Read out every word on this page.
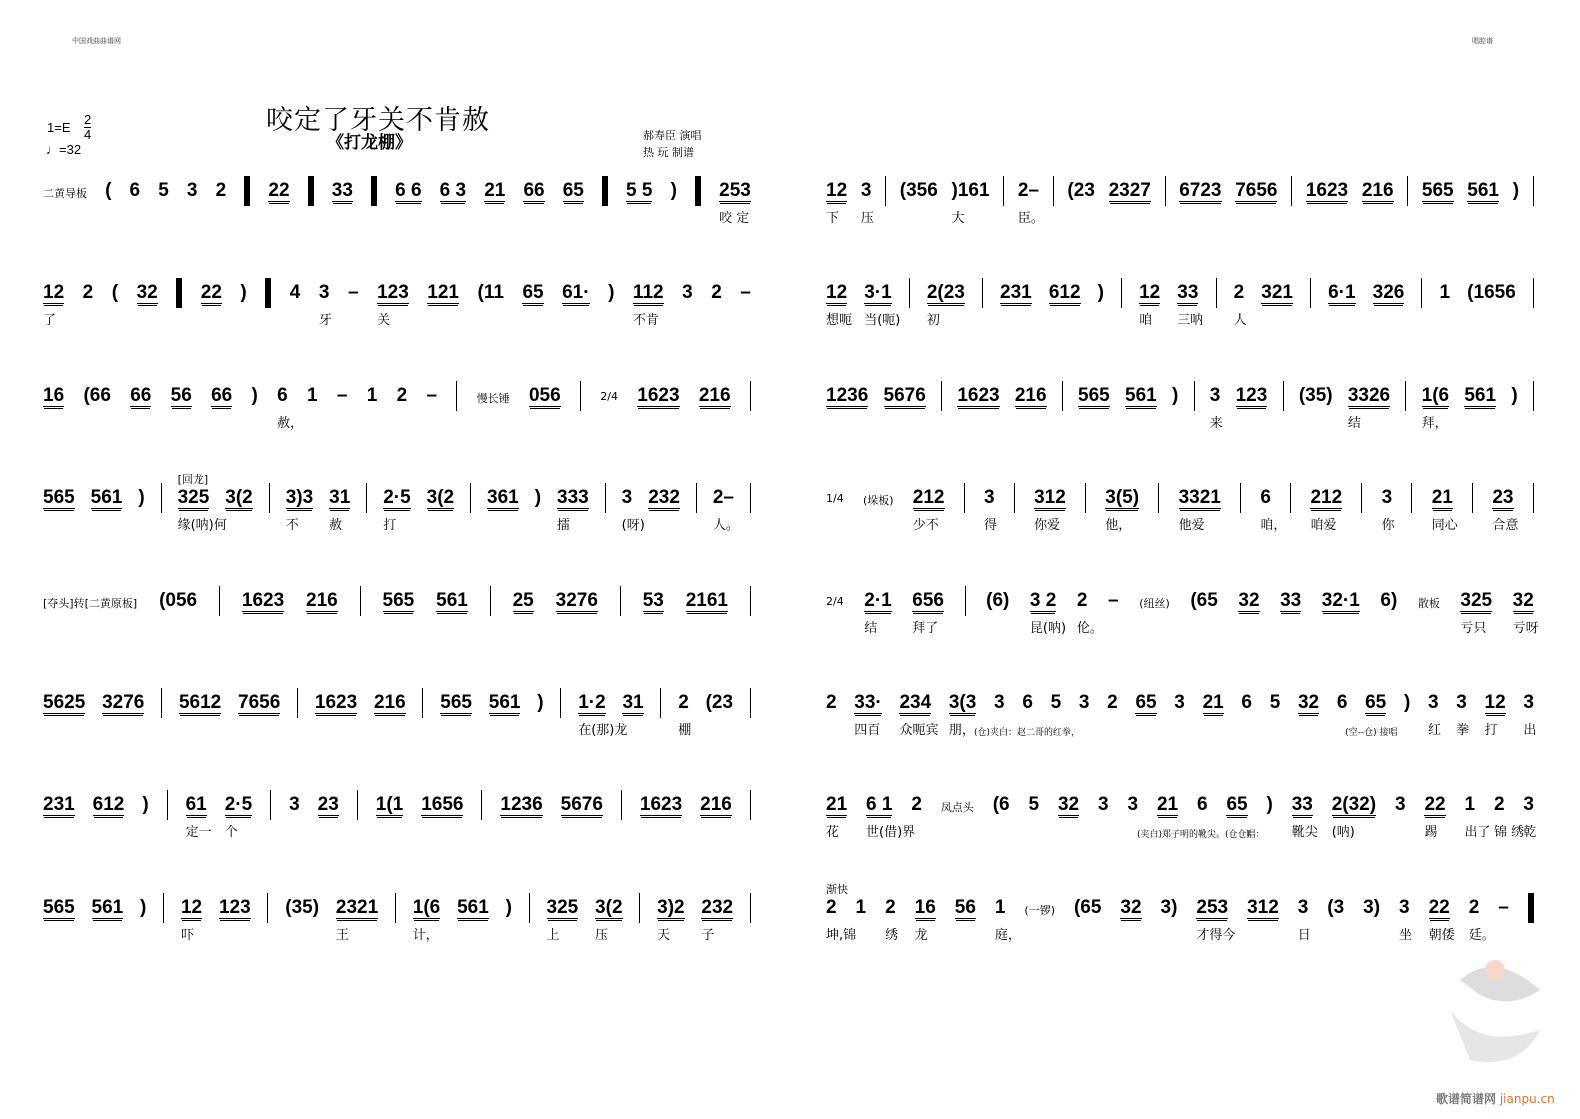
中国戏曲曲谱网	唱腔谱
$1=E \frac{2}{4}$
♩=32
咬定了牙关不肯赦
《打龙棚》	郝寿臣 演唱
热 玩 制谱
二黄导板 ( 6 5 3 2 22 33 6 6 6 3 21 66 65 5 5 ) 253
咬 定
12
了
2 ( 32 22 ) 4 3
牙
– 123
关
121 (11 65 61· ) 112
不肯
3 2 –
16 (66 66 56 66 ) 6
赦，
1 – 1 2 –	慢长锤 056	2/4 1623 216
565 561 ) 325
缘(呐)何
[回龙]
3(2 3)3
不
31
赦
2·5
打
3(2 361 ) 333
擂
3
(呀)
232 2–
人。
[夺头]转[二黄原板] (056 1623 216 565 561 25 3276 53 2161
5625 3276 5612 7656 1623 216 565 561 ) 1·2
在(那)龙
31 2
棚
(23
231 612 ) 61
定一
2·5
个
3 23 1(1 1656 1236 5676 1623 216
565 561 ) 12
吓
123 (35) 2321
王
1(6
计，
561 ) 325
上
3(2
压
3)2
天
232
子
12
下
3
压
(356 )161
大
2–
臣。
(23 2327 6723 7656 1623 216 565 561 )
12
想呃
3·1
当(呃)
2(23
初
231 612 ) 12
咱
33
三呐
2
人
321 6·1 326 1 (1656
1236 5676 1623 216 565 561 ) 3
来
123 (35) 3326
结
1(6
拜，
561 )
1/4 (垛板) 212
少不
3
得
312
你爱
3(5)
他，
3321
他爱
6
咱，
212
咱爱
3
你
21
同心
23
合意
2/4 2·1
结
656
拜了
(6) 3 2
昆(呐)
2
伦。
– (纽丝) (65 32 33 32·1 6) 散板 325
亏只
32
亏呀
2 33·
四百
234
众呃宾
3(3
朋，
3
(仓)夹白：赵二哥的红拳，
6 5 3 2 65 3 21 6 5 32 6 65
(空--仓) 接唱
) 3
红
3
拳
12
打
3
出
21
花
6 1
世(借)界
2 凤点头 (6 5 32 3 3 21
(夹白)郑子明的靴尖。(仓仓)
6 65 )
唱：
33
靴尖
2(32)
(呐)
3 22
踢
1
出了
2
锦 绣
3
乾
2
坤,锦
渐快
1 2
绣
16
龙
56 1
庭，
(一锣) (65 32 3) 253
才得今
312 3
日
(3 3) 3
坐
22
朝倭
2
廷。
–
歌谱简谱网 jianpu.cn
